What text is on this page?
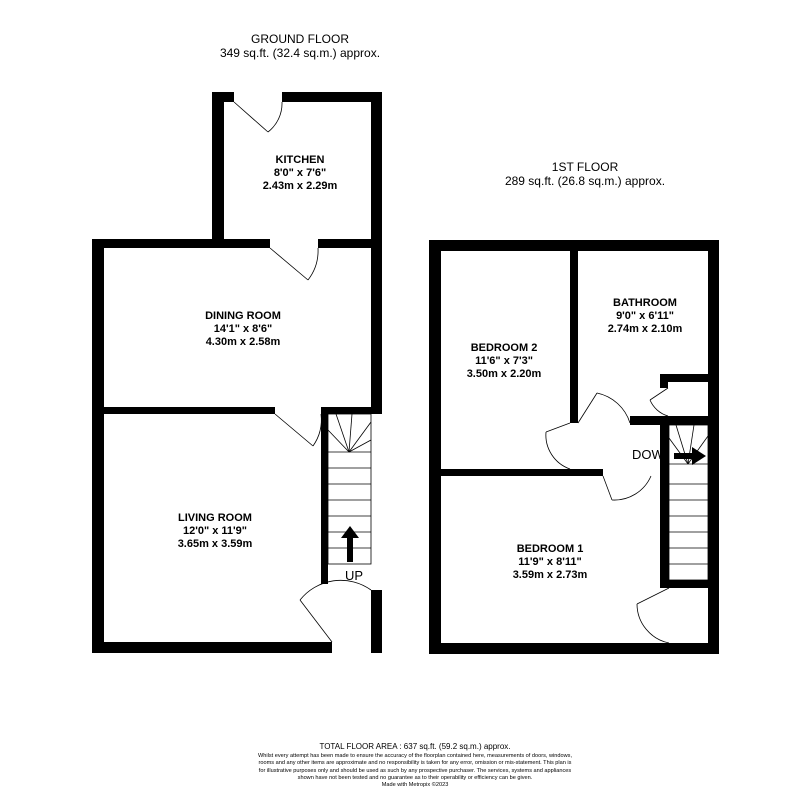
GROUND FLOOR
349 sq.ft. (32.4 sq.m.) approx.
1ST FLOOR
289 sq.ft. (26.8 sq.m.) approx.
KITCHEN
8'0" x 7'6"
2.43m x 2.29m
DINING ROOM
14'1" x 8'6"
4.30m x 2.58m
LIVING ROOM
12'0" x 11'9"
3.65m x 3.59m
UP
BEDROOM 2
11'6" x 7'3"
3.50m x 2.20m
BATHROOM
9'0" x 6'11"
2.74m x 2.10m
BEDROOM 1
11'9" x 8'11"
3.59m x 2.73m
DOW
TOTAL FLOOR AREA : 637 sq.ft. (59.2 sq.m.) approx.
Whilst every attempt has been made to ensure the accuracy of the floorplan contained here, measurements of doors, windows, rooms and any other items are approximate and no responsibility is taken for any error, omission or mis-statement. This plan is for illustrative purposes only and should be used as such by any prospective purchaser. The services, systems and appliances shown have not been tested and no guarantee as to their operability or efficiency can be given.
Made with Metropix ©2023
